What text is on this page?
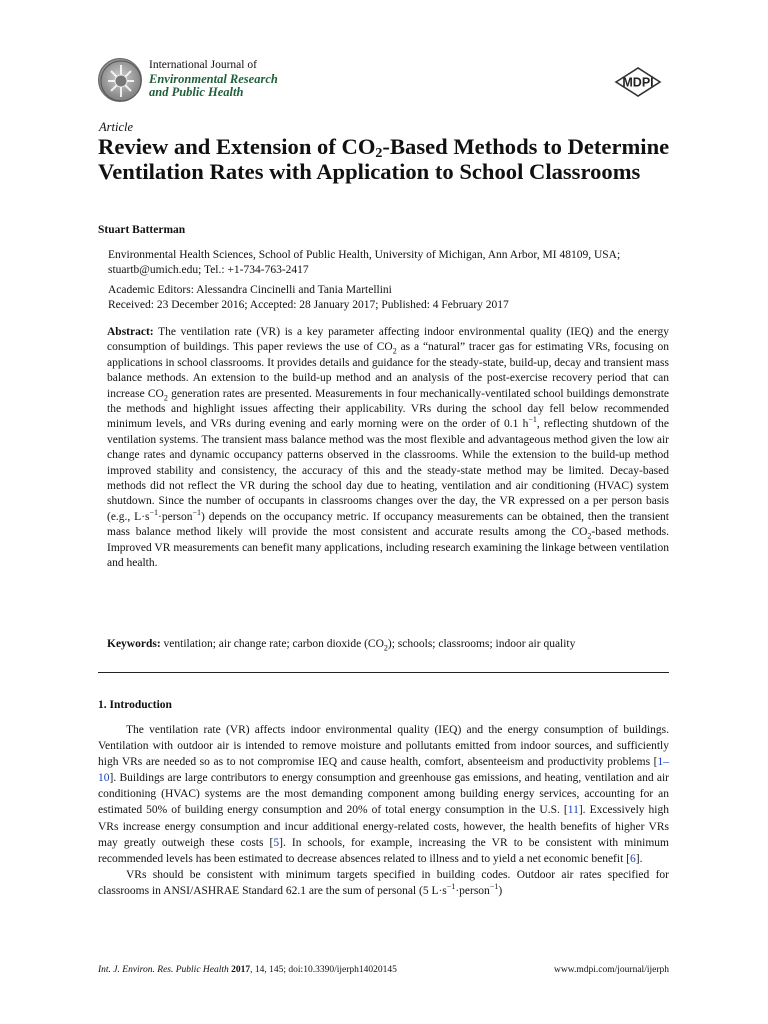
International Journal of
Environmental Research
and Public Health
MDPI
Article
Review and Extension of $CO_2$-Based Methods to Determine Ventilation Rates with Application to School Classrooms
Stuart Batterman
Environmental Health Sciences, School of Public Health, University of Michigan, Ann Arbor, MI 48109, USA;
stuartb@umich.edu; Tel.: +1-734-763-2417
Academic Editors: Alessandra Cincinelli and Tania Martellini
Received: 23 December 2016; Accepted: 28 January 2017; Published: 4 February 2017
Abstract: The ventilation rate (VR) is a key parameter affecting indoor environmental quality (IEQ) and the energy consumption of buildings. This paper reviews the use of $CO_2$ as a “natural” tracer gas for estimating VRs, focusing on applications in school classrooms. It provides details and guidance for the steady-state, build-up, decay and transient mass balance methods. An extension to the build-up method and an analysis of the post-exercise recovery period that can increase $CO_2$ generation rates are presented. Measurements in four mechanically-ventilated school buildings demonstrate the methods and highlight issues affecting their applicability. VRs during the school day fell below recommended minimum levels, and VRs during evening and early morning were on the order of 0.1 $h^{-1}$, reflecting shutdown of the ventilation systems. The transient mass balance method was the most flexible and advantageous method given the low air change rates and dynamic occupancy patterns observed in the classrooms. While the extension to the build-up method improved stability and consistency, the accuracy of this and the steady-state method may be limited. Decay-based methods did not reflect the VR during the school day due to heating, ventilation and air conditioning (HVAC) system shutdown. Since the number of occupants in classrooms changes over the day, the VR expressed on a per person basis (e.g., $L\cdot s^{-1}\cdot person^{-1}$) depends on the occupancy metric. If occupancy measurements can be obtained, then the transient mass balance method likely will provide the most consistent and accurate results among the $CO_2$-based methods. Improved VR measurements can benefit many applications, including research examining the linkage between ventilation and health.
Keywords: ventilation; air change rate; carbon dioxide $(CO_2)$; schools; classrooms; indoor air quality
1. Introduction

The ventilation rate (VR) affects indoor environmental quality (IEQ) and the energy consumption of buildings. Ventilation with outdoor air is intended to remove moisture and pollutants emitted from indoor sources, and sufficiently high VRs are needed so as to not compromise IEQ and cause health, comfort, absenteeism and productivity problems [1–10]. Buildings are large contributors to energy consumption and greenhouse gas emissions, and heating, ventilation and air conditioning (HVAC) systems are the most demanding component among building energy services, accounting for an estimated 50% of building energy consumption and 20% of total energy consumption in the U.S. [11]. Excessively high VRs increase energy consumption and incur additional energy-related costs, however, the health benefits of higher VRs may greatly outweigh these costs [5]. In schools, for example, increasing the VR to be consistent with minimum recommended levels has been estimated to decrease absences related to illness and to yield a net economic benefit [6].

VRs should be consistent with minimum targets specified in building codes. Outdoor air rates specified for classrooms in ANSI/ASHRAE Standard 62.1 are the sum of personal (5 $L\cdot s^{-1}\cdot person^{-1}$)

Int. J. Environ. Res. Public Health 2017, 14, 145; doi:10.3390/ijerph14020145	www.mdpi.com/journal/ijerph
